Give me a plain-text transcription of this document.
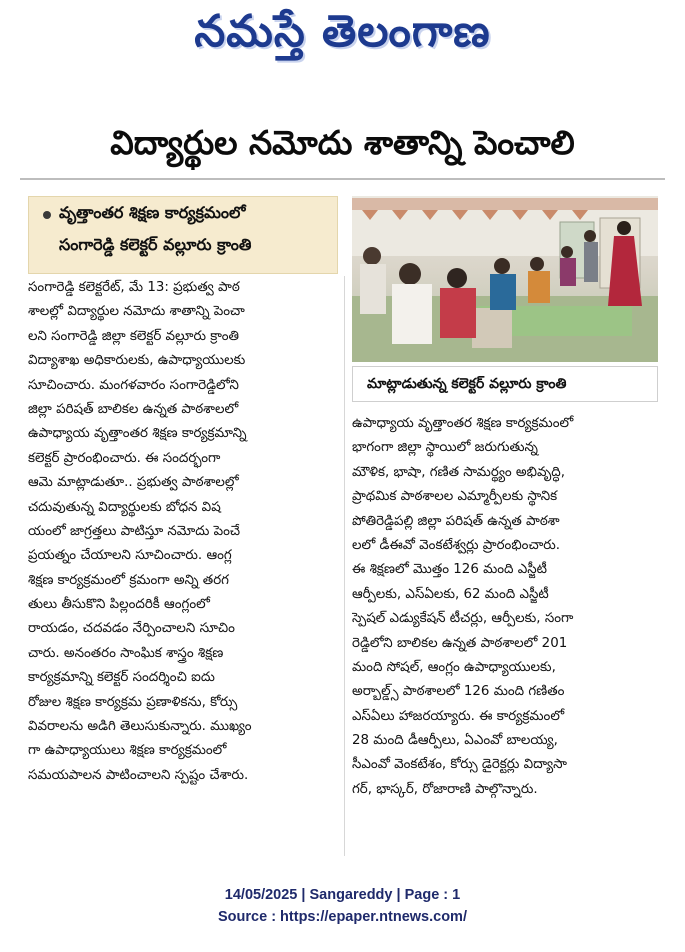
నమస్తే తెలంగాణ
విద్యార్థుల నమోదు శాతాన్ని పెంచాలి
వృత్తాంతర శిక్షణ కార్యక్రమంలో
సంగారెడ్డి కలెక్టర్ వల్లూరు క్రాంతి
మాట్లాడుతున్న కలెక్టర్ వల్లూరు క్రాంతి
సంగారెడ్డి కలెక్టరేట్, మే 13: ప్రభుత్వ పాఠ
శాలల్లో విద్యార్థుల నమోదు శాతాన్ని పెంచా
లని సంగారెడ్డి జిల్లా కలెక్టర్ వల్లూరు క్రాంతి
విద్యాశాఖ అధికారులకు, ఉపాధ్యాయులకు
సూచించారు. మంగళవారం సంగారెడ్డిలోని
జిల్లా పరిషత్ బాలికల ఉన్నత పాఠశాలలో
ఉపాధ్యాయ వృత్తాంతర శిక్షణ కార్యక్రమాన్ని
కలెక్టర్ ప్రారంభించారు. ఈ సందర్భంగా
ఆమె మాట్లాడుతూ.. ప్రభుత్వ పాఠశాలల్లో
చదువుతున్న విద్యార్థులకు బోధన విష
యంలో జాగ్రత్తలు పాటిస్తూ నమోదు పెంచే
ప్రయత్నం చేయాలని సూచించారు. ఆంగ్ల
శిక్షణ కార్యక్రమంలో క్రమంగా అన్ని తరగ
తులు తీసుకొని పిల్లందరికీ ఆంగ్లంలో
రాయడం, చదవడం నేర్పించాలని సూచిం
చారు. అనంతరం సాంఘిక శాస్త్రం శిక్షణ
కార్యక్రమాన్ని కలెక్టర్ సందర్శించి ఐదు
రోజుల శిక్షణ కార్యక్రమ ప్రణాళికను, కోర్సు
వివరాలను అడిగి తెలుసుకున్నారు. ముఖ్యం
గా ఉపాధ్యాయులు శిక్షణ కార్యక్రమంలో
సమయపాలన పాటించాలని స్పష్టం చేశారు.
ఉపాధ్యాయ వృత్తాంతర శిక్షణ కార్యక్రమంలో
భాగంగా జిల్లా స్థాయిలో జరుగుతున్న
మౌళిక, భాషా, గణిత సామర్థ్యం అభివృద్ధి,
ప్రాథమిక పాఠశాలల ఎమ్మార్పీలకు స్థానిక
పోతిరెడ్డిపల్లి జిల్లా పరిషత్ ఉన్నత పాఠశా
లలో డీఈవో వెంకటేశ్వర్లు ప్రారంభించారు.
ఈ శిక్షణలో మొత్తం 126 మంది ఎస్జీటీ
ఆర్పీలకు, ఎస్ఏలకు, 62 మంది ఎస్జీటీ
స్పెషల్ ఎడ్యుకేషన్ టీచర్లు, ఆర్పీలకు, సంగా
రెడ్డిలోని బాలికల ఉన్నత పాఠశాలలో 201
మంది సోషల్, ఆంగ్లం ఉపాధ్యాయులకు,
అర్బాల్డ్స్ పాఠశాలలో 126 మంది గణితం
ఎస్ఏలు హాజరయ్యారు. ఈ కార్యక్రమంలో
28 మంది డీఆర్పీలు, ఏఎంవో బాలయ్య,
సీఎంవో వెంకటేశం, కోర్సు డైరెక్టర్లు విద్యాసా
గర్, భాస్కర్, రోజారాణి పాల్గొన్నారు.
14/05/2025 | Sangareddy | Page : 1
Source : https://epaper.ntnews.com/
